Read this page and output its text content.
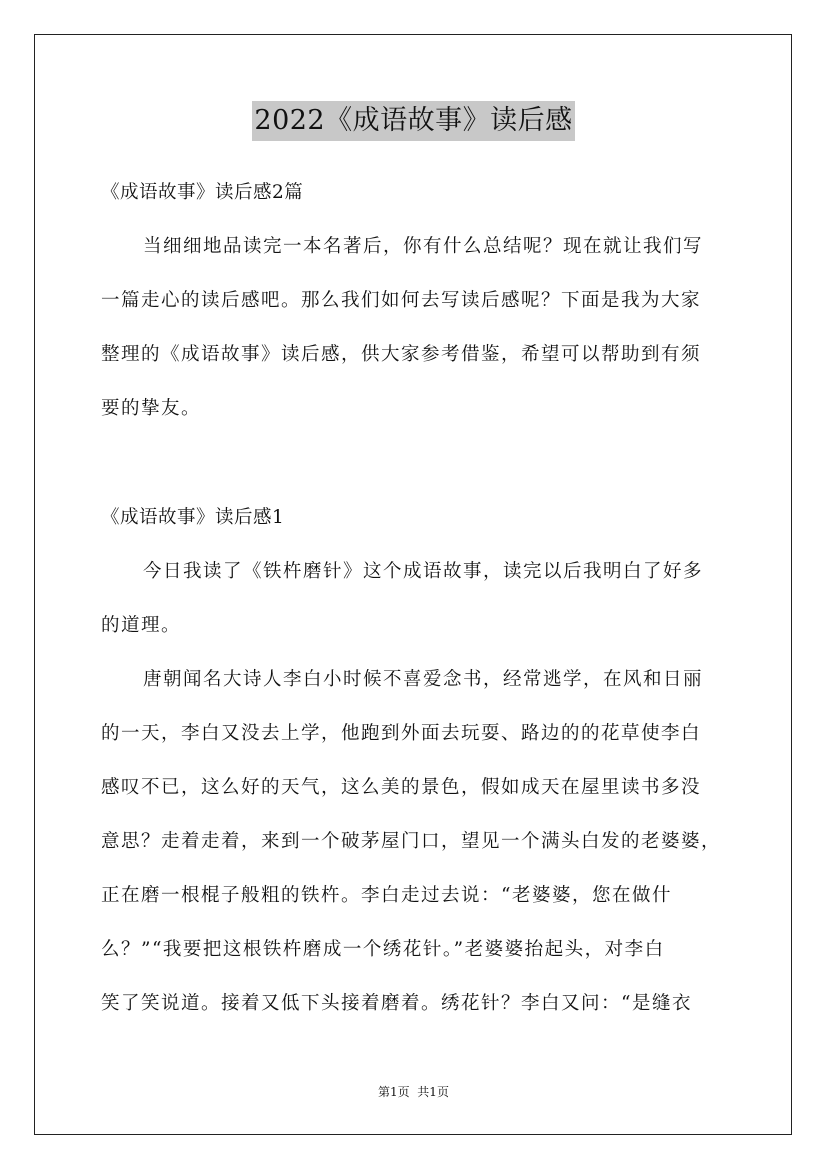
2022《成语故事》读后感
《成语故事》读后感2篇
当细细地品读完一本名著后，你有什么总结呢？现在就让我们写
一篇走心的读后感吧。那么我们如何去写读后感呢？下面是我为大家
整理的《成语故事》读后感，供大家参考借鉴，希望可以帮助到有须
要的挚友。
《成语故事》读后感1
今日我读了《铁杵磨针》这个成语故事，读完以后我明白了好多
的道理。
唐朝闻名大诗人李白小时候不喜爱念书，经常逃学，在风和日丽
的一天，李白又没去上学，他跑到外面去玩耍、路边的的花草使李白
感叹不已，这么好的天气，这么美的景色，假如成天在屋里读书多没
意思？走着走着，来到一个破茅屋门口，望见一个满头白发的老婆婆，
正在磨一根棍子般粗的铁杵。李白走过去说：“老婆婆，您在做什
么？”“我要把这根铁杵磨成一个绣花针。”老婆婆抬起头，对李白
笑了笑说道。接着又低下头接着磨着。绣花针？李白又问：“是缝衣
第1页  共1页
